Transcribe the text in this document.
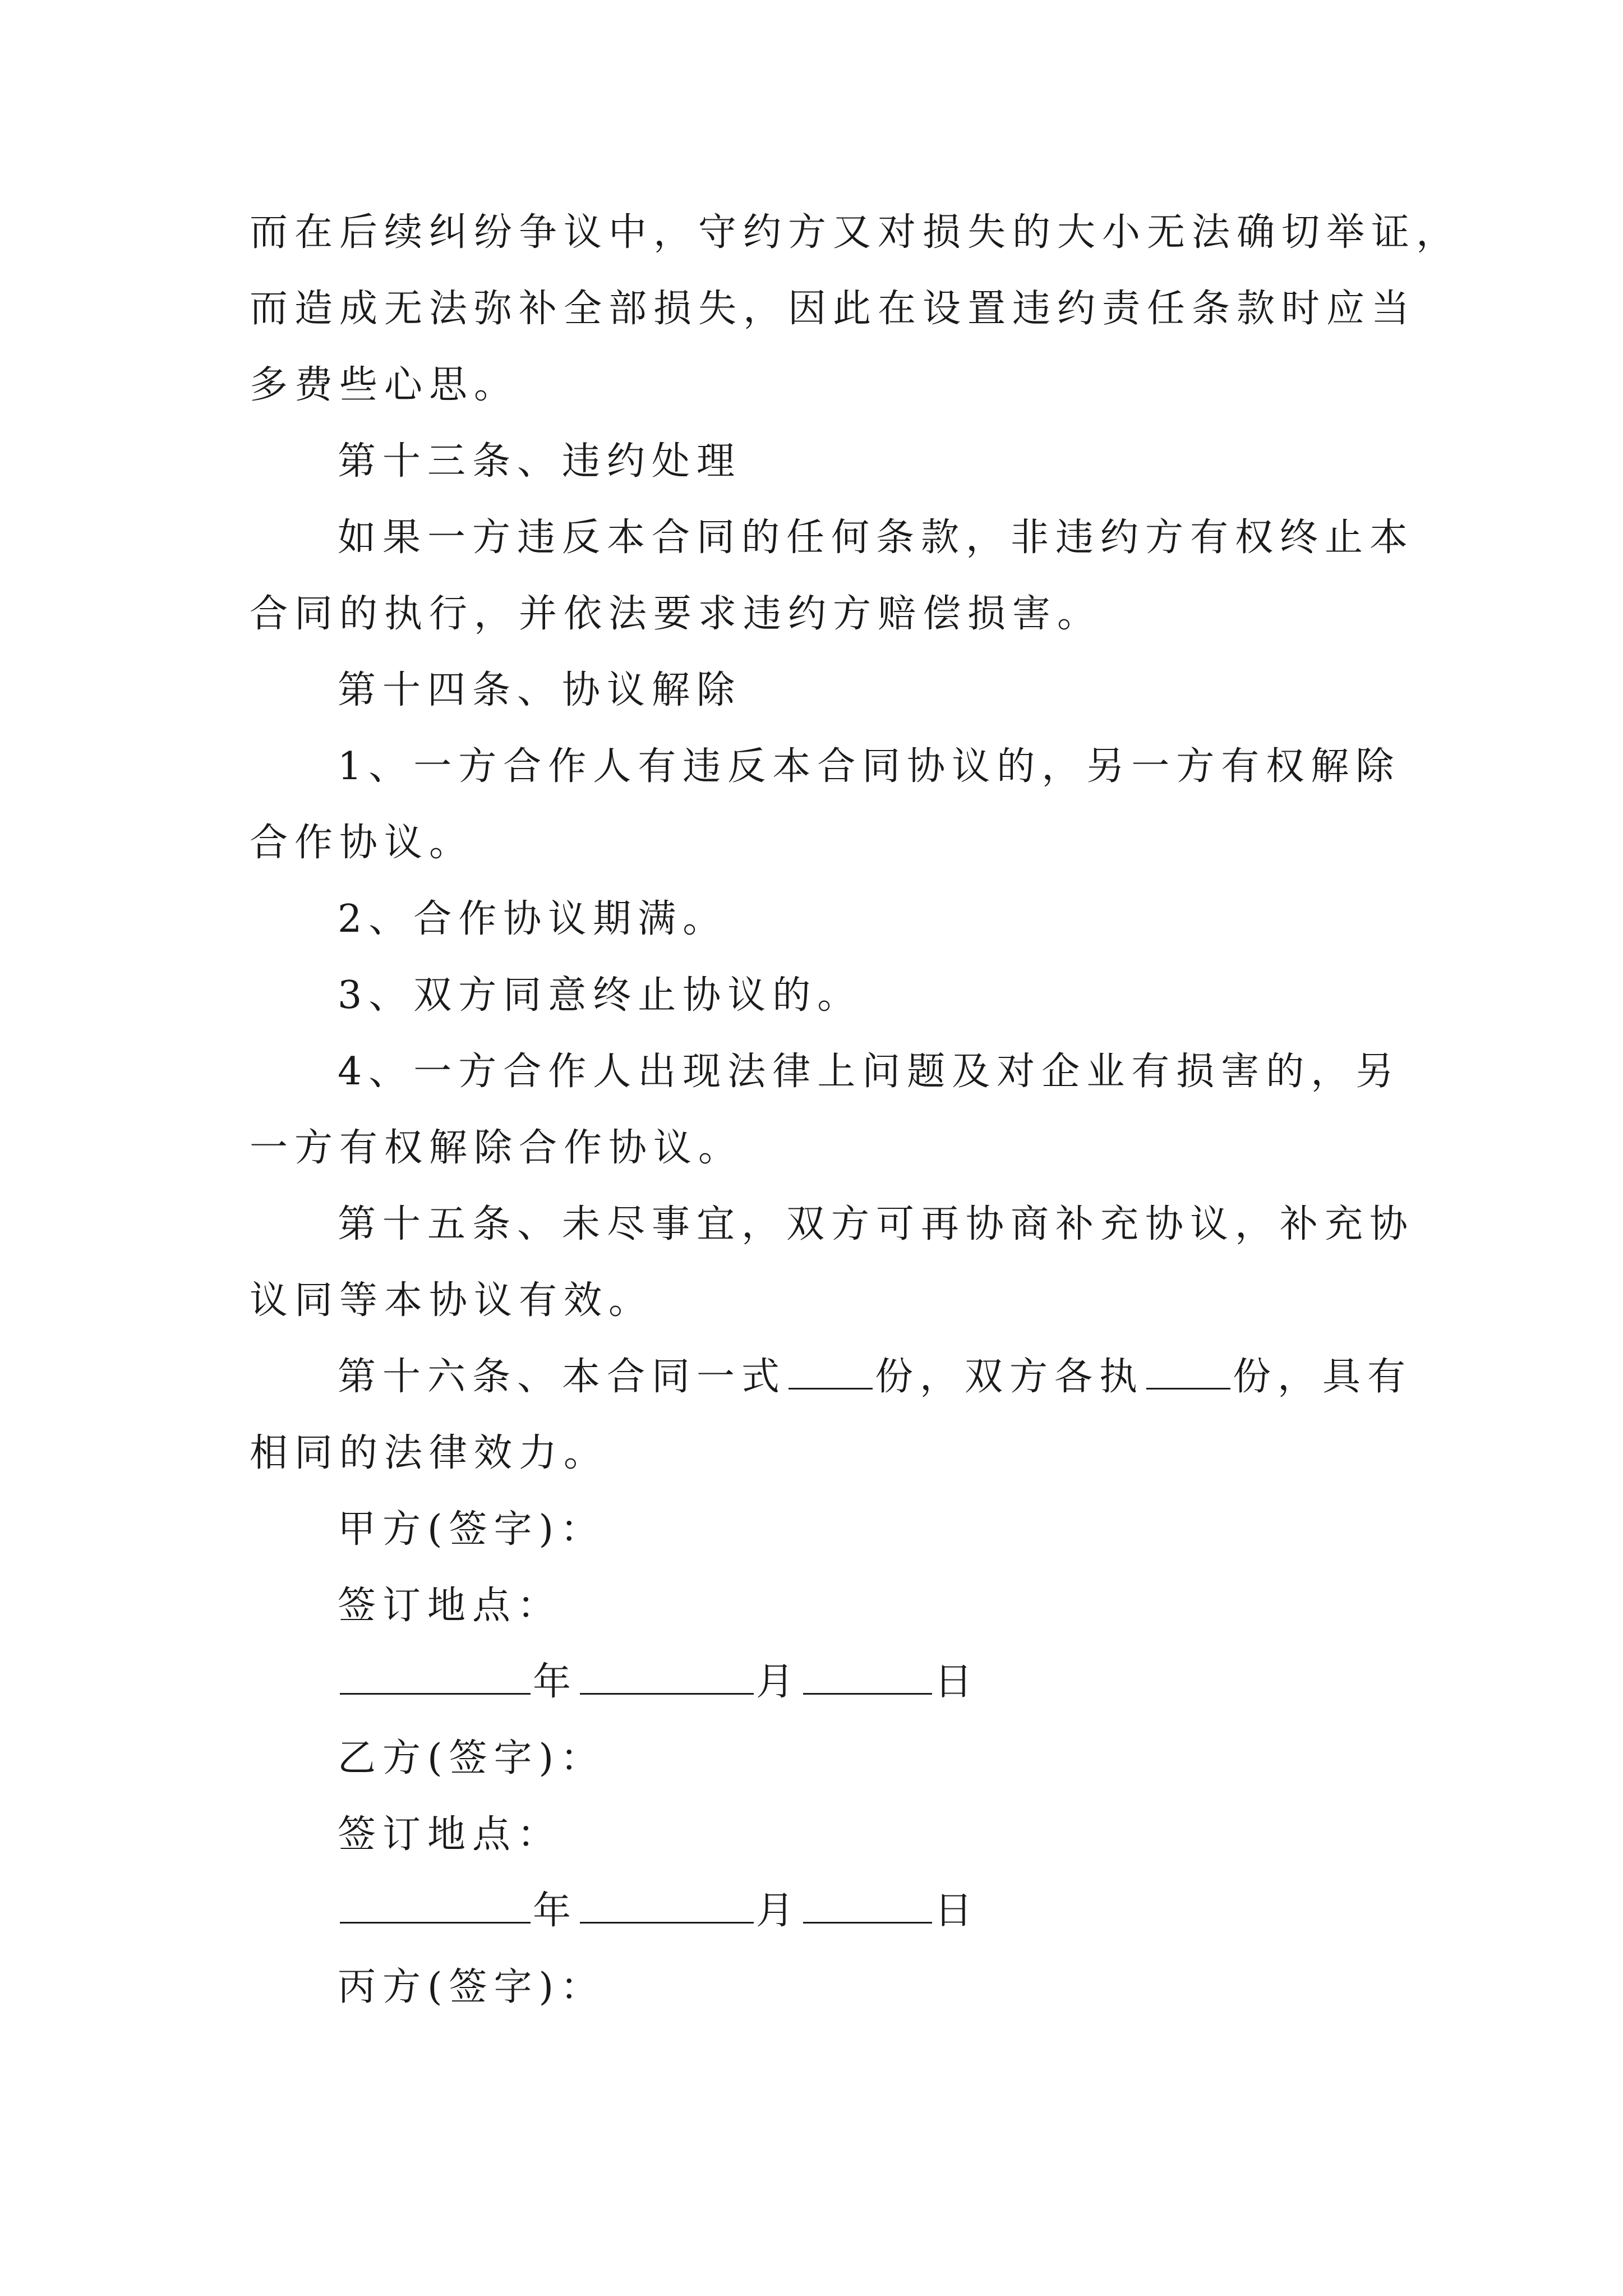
而在后续纠纷争议中，守约方又对损失的大小无法确切举证，

而造成无法弥补全部损失，因此在设置违约责任条款时应当

多费些心思。

第十三条、违约处理

如果一方违反本合同的任何条款，非违约方有权终止本

合同的执行，并依法要求违约方赔偿损害。

第十四条、协议解除

1、一方合作人有违反本合同协议的，另一方有权解除

合作协议。

2、合作协议期满。

3、双方同意终止协议的。

4、一方合作人出现法律上问题及对企业有损害的，另

一方有权解除合作协议。

第十五条、未尽事宜，双方可再协商补充协议，补充协

议同等本协议有效。

第十六条、本合同一式 份，双方各执 份，具有

相同的法律效力。

甲方(签字)：

签订地点：

年	月	日

乙方(签字)：

签订地点：

年	月	日

丙方(签字)：
